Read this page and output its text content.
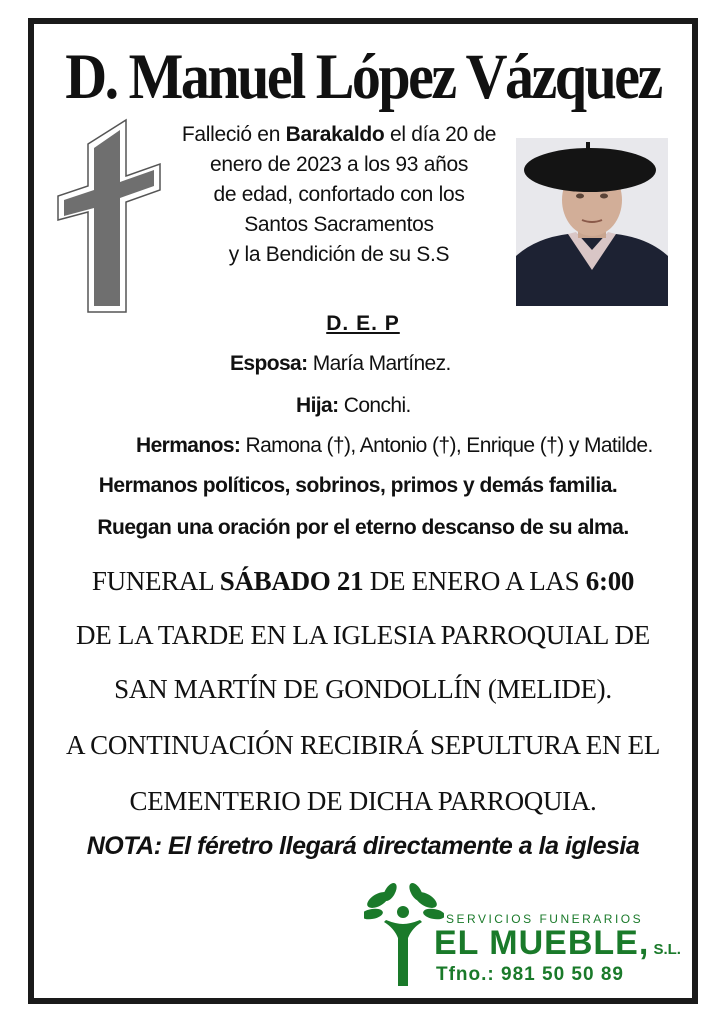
D. Manuel López Vázquez
Falleció en Barakaldo el día 20 de
enero de 2023 a los 93 años
de edad, confortado con los
Santos Sacramentos
y la Bendición de su S.S
D. E. P
Esposa: María Martínez.
Hija: Conchi.
Hermanos: Ramona (†), Antonio (†), Enrique (†) y Matilde.
Hermanos políticos, sobrinos, primos y demás familia.
Ruegan una oración por el eterno descanso de su alma.
FUNERAL SÁBADO 21 DE ENERO A LAS 6:00
DE LA TARDE EN LA IGLESIA PARROQUIAL DE
SAN MARTÍN DE GONDOLLÍN (MELIDE).
A CONTINUACIÓN RECIBIRÁ SEPULTURA EN EL
CEMENTERIO DE DICHA PARROQUIA.
NOTA: El féretro llegará directamente a la iglesia
SERVICIOS FUNERARIOS
EL MUEBLE, S.L.
Tfno.: 981 50 50 89
